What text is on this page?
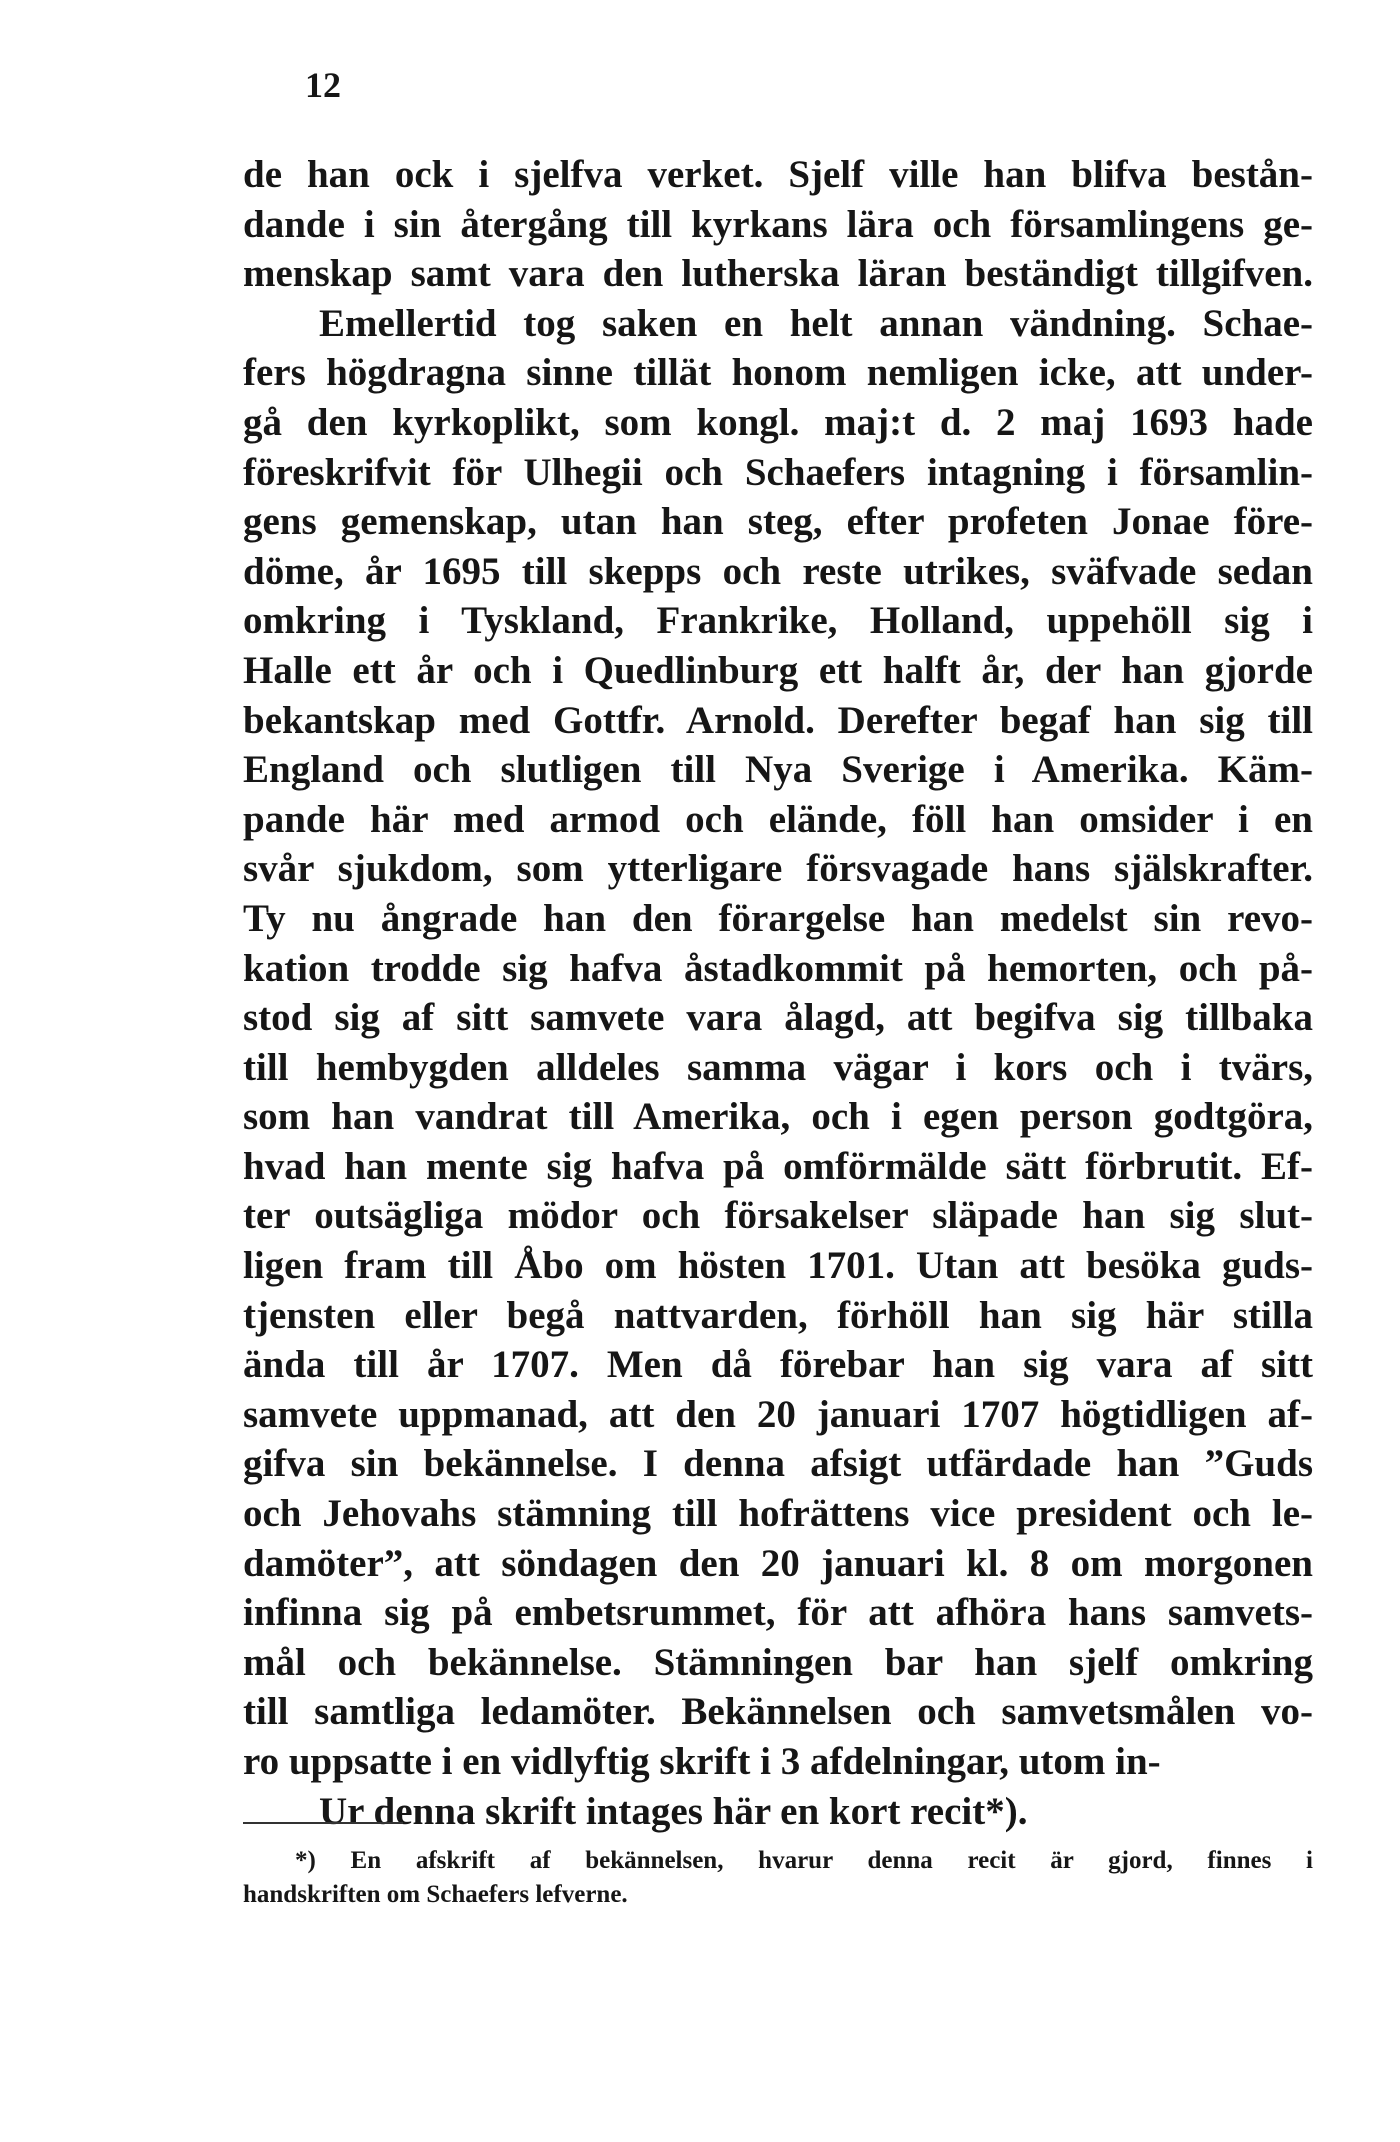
12
de han ock i sjelfva verket. Sjelf ville han blifva bestån-
dande i sin återgång till kyrkans lära och församlingens ge-
menskap samt vara den lutherska läran beständigt tillgifven.
Emellertid tog saken en helt annan vändning. Schae-
fers högdragna sinne tillät honom nemligen icke, att under-
gå den kyrkoplikt, som kongl. maj:t d. 2 maj 1693 hade
föreskrifvit för Ulhegii och Schaefers intagning i församlin-
gens gemenskap, utan han steg, efter profeten Jonae före-
döme, år 1695 till skepps och reste utrikes, sväfvade sedan
omkring i Tyskland, Frankrike, Holland, uppehöll sig i
Halle ett år och i Quedlinburg ett halft år, der han gjorde
bekantskap med Gottfr. Arnold. Derefter begaf han sig till
England och slutligen till Nya Sverige i Amerika. Käm-
pande här med armod och elände, föll han omsider i en
svår sjukdom, som ytterligare försvagade hans själskrafter.
Ty nu ångrade han den förargelse han medelst sin revo-
kation trodde sig hafva åstadkommit på hemorten, och på-
stod sig af sitt samvete vara ålagd, att begifva sig tillbaka
till hembygden alldeles samma vägar i kors och i tvärs,
som han vandrat till Amerika, och i egen person godtgöra,
hvad han mente sig hafva på omförmälde sätt förbrutit. Ef-
ter outsägliga mödor och försakelser släpade han sig slut-
ligen fram till Åbo om hösten 1701. Utan att besöka guds-
tjensten eller begå nattvarden, förhöll han sig här stilla
ända till år 1707. Men då förebar han sig vara af sitt
samvete uppmanad, att den 20 januari 1707 högtidligen af-
gifva sin bekännelse. I denna afsigt utfärdade han ”Guds
och Jehovahs stämning till hofrättens vice president och le-
damöter”, att söndagen den 20 januari kl. 8 om morgonen
infinna sig på embetsrummet, för att afhöra hans samvets-
mål och bekännelse. Stämningen bar han sjelf omkring
till samtliga ledamöter. Bekännelsen och samvetsmålen vo-
ro uppsatte i en vidlyftig skrift i 3 afdelningar, utom in-
Ur denna skrift intages här en kort recit*).
*) En afskrift af bekännelsen, hvarur denna recit är gjord, finnes i
handskriften om Schaefers lefverne.
